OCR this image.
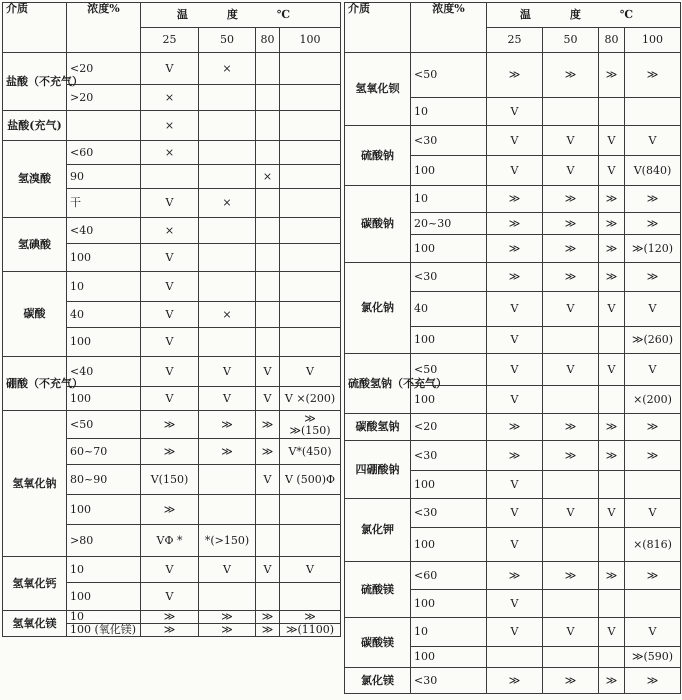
介质	浓度%	温　度　℃			
		25	50	80	100
盐酸（不充气）	<20	V	×		

	>20	×			

盐酸(充气)		×			

氢溴酸	<60	×			

	90			×	

	干	V	×		

氢碘酸	<40	×			

	100	V			

碳酸	10	V			

	40	V	×		

	100	V			

硼酸（不充气）	<40	V	V	V	V

	100	V	V	V	V ×(200)

氢氧化钠	<50	≫	≫	≫	≫ ≫(150)

	60~70	≫	≫	≫	V*(450)

	80~90	V(150)		V	V (500)Φ

	100	≫			

	>80	VΦ *	*(>150)		

氢氧化钙	10	V	V	V	V

	100	V			

氢氧化镁	10	≫	≫	≫	≫

	100 (氧化镁)	≫	≫	≫	≫(1100)
介质	浓度%	温　度　℃			
		25	50	80	100
氢氧化钡	<50	≫	≫	≫	≫

	10	V			

硫酸钠	<30	V	V	V	V

	100	V	V	V	V(840)

碳酸钠	10	≫	≫	≫	≫

	20~30	≫	≫	≫	≫

	100	≫	≫	≫	≫(120)

氯化钠	<30	≫	≫	≫	≫

	40	V	V	V	V

	100	V			≫(260)

硫酸氢钠（不充气）	<50	V	V	V	V

	100	V			×(200)

碳酸氢钠	<20	≫	≫	≫	≫

四硼酸钠	<30	≫	≫	≫	≫

	100	V			

氯化钾	<30	V	V	V	V

	100	V			×(816)

硫酸镁	<60	≫	≫	≫	≫

	100	V			

碳酸镁	10	V	V	V	V

	100				≫(590)

氯化镁	<30	≫	≫	≫	≫
